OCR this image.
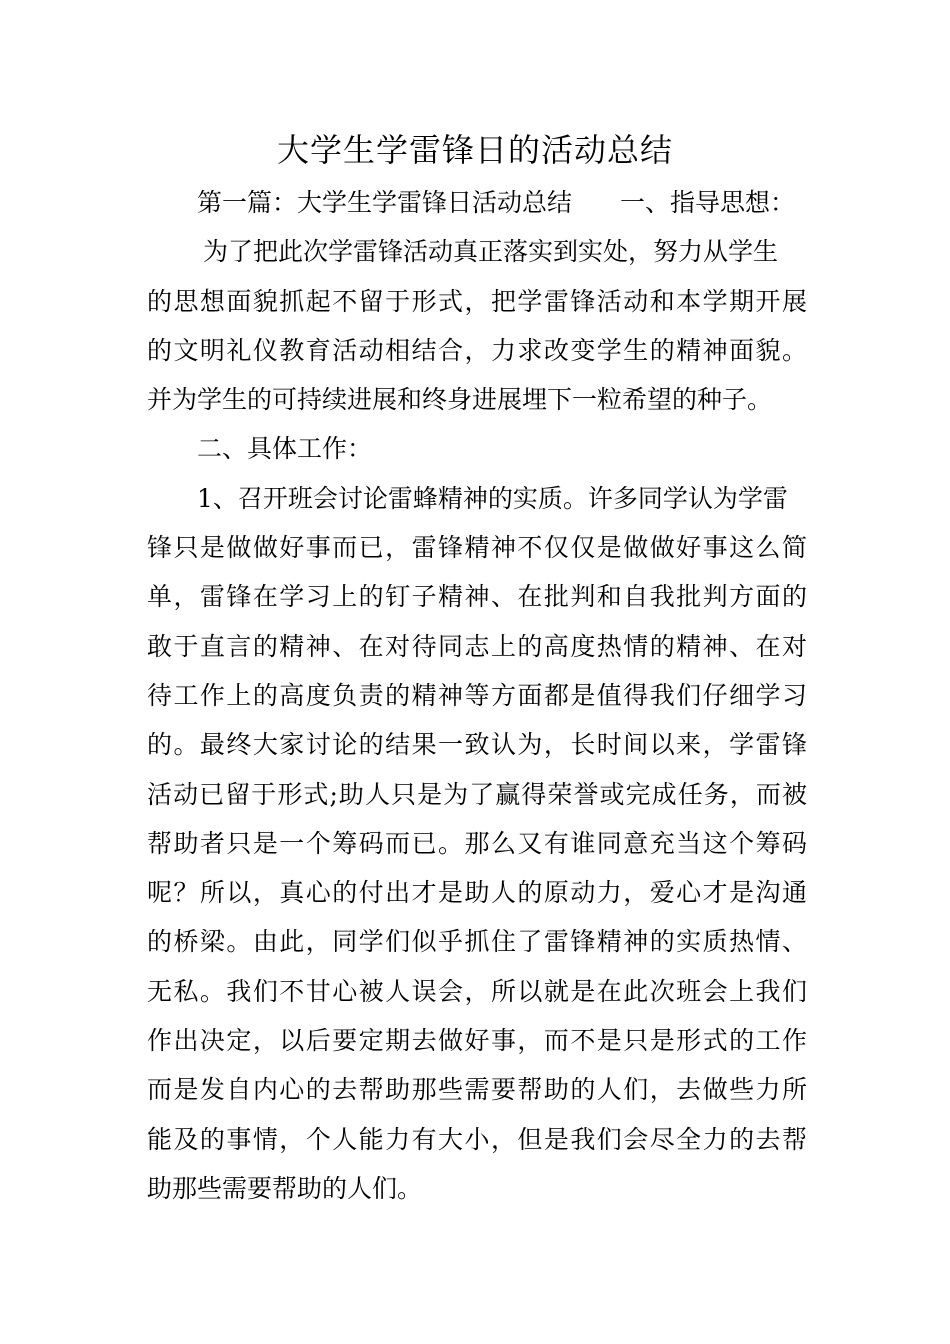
大学生学雷锋日的活动总结

第一篇：大学生学雷锋日活动总结 一、指导思想：

为了把此次学雷锋活动真正落实到实处，努力从学生

的思想面貌抓起不留于形式，把学雷锋活动和本学期开展

的文明礼仪教育活动相结合，力求改变学生的精神面貌。

并为学生的可持续进展和终身进展埋下一粒希望的种子。

二、具体工作：

1、召开班会讨论雷蜂精神的实质。许多同学认为学雷

锋只是做做好事而已，雷锋精神不仅仅是做做好事这么简

单，雷锋在学习上的钉子精神、在批判和自我批判方面的

敢于直言的精神、在对待同志上的高度热情的精神、在对

待工作上的高度负责的精神等方面都是值得我们仔细学习

的。最终大家讨论的结果一致认为，长时间以来，学雷锋

活动已留于形式;助人只是为了赢得荣誉或完成任务，而被

帮助者只是一个筹码而已。那么又有谁同意充当这个筹码

呢？所以，真心的付出才是助人的原动力，爱心才是沟通

的桥梁。由此，同学们似乎抓住了雷锋精神的实质热情、

无私。我们不甘心被人误会，所以就是在此次班会上我们

作出决定，以后要定期去做好事，而不是只是形式的工作

而是发自内心的去帮助那些需要帮助的人们，去做些力所

能及的事情，个人能力有大小，但是我们会尽全力的去帮

助那些需要帮助的人们。
